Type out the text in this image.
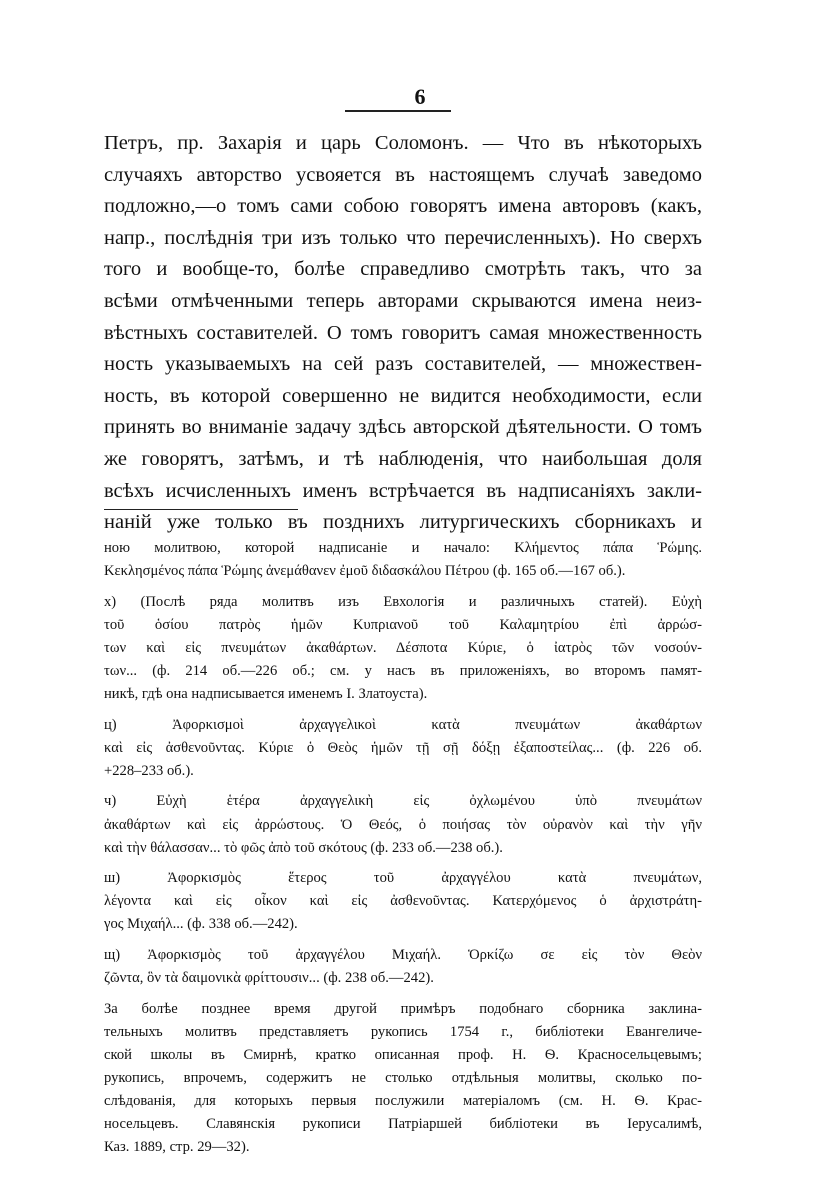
6
Петръ, пр. Захарія и царь Соломонъ. — Что въ нѣкоторыхъ
случаяхъ авторство усвояется въ настоящемъ случаѣ заведомо
подложно,—о томъ сами собою говорятъ имена авторовъ (какъ,
напр., послѣднія три изъ только что перечисленныхъ). Но сверхъ
того и вообще-то, болѣе справедливо смотрѣть такъ, что за
всѣми отмѣченными теперь авторами скрываются имена неиз-
вѣстныхъ составителей. О томъ говоритъ самая множественность
ность указываемыхъ на сей разъ составителей, — множествен-
ность, въ которой совершенно не видится необходимости, если
принять во вниманіе задачу здѣсь авторской дѣятельности. О томъ
же говорятъ, затѣмъ, и тѣ наблюденія, что наибольшая доля
всѣхъ исчисленныхъ именъ встрѣчается въ надписаніяхъ закли-
наній уже только въ позднихъ литургическихъ сборникахъ и
ною молитвою, которой надписаніе и начало: Κλήμεντος πάπα Ῥώμης.
Κεκλησμένος πάπα Ῥώμης ἀνεμάθανεν ἐμοῦ διδασκάλου Πέτρου (ф. 165 об.—167 об.).
х) (Послѣ ряда молитвъ изъ Евхологія и различныхъ статей). Εὐχὴ
τοῦ ὁσίου πατρὸς ἡμῶν Κυπριανοῦ τοῦ Καλαμητρίου ἐπὶ ἀρρώσ-
των καὶ εἰς πνευμάτων ἀκαθάρτων. Δέσποτα Κύριε, ὁ ἰατρὸς τῶν νοσούν-
των... (ф. 214 об.—226 об.; см. у насъ въ приложеніяхъ, во второмъ памят-
никѣ, гдѣ она надписывается именемъ І. Златоуста).
ц) Ἀφορκισμοὶ ἀρχαγγελικοὶ κατὰ πνευμάτων ἀκαθάρτων
καὶ εἰς ἀσθενοῦντας. Κύριε ὁ Θεὸς ἡμῶν τῇ σῇ δόξῃ ἐξαποστείλας... (ф. 226 об.
+228–233 об.).
ч) Εὐχὴ ἑτέρα ἀρχαγγελικὴ εἰς ὀχλωμένου ὑπὸ πνευμάτων
ἀκαθάρτων καὶ εἰς ἀρρώστους. Ὁ Θεός, ὁ ποιήσας τὸν οὐρανὸν καὶ τὴν γῆν
καὶ τὴν θάλασσαν... τὸ φῶς ἀπὸ τοῦ σκότους (ф. 233 об.—238 об.).
ш) Ἀφορκισμὸς ἕτερος τοῦ ἀρχαγγέλου κατὰ πνευμάτων,
λέγοντα καὶ εἰς οἶκον καὶ εἰς ἀσθενοῦντας. Κατερχόμενος ὁ ἀρχιστράτη-
γος Μιχαήλ... (ф. 338 об.—242).
щ) Ἀφορκισμὸς τοῦ ἀρχαγγέλου Μιχαήλ. Ὁρκίζω σε εἰς τὸν Θεὸν
ζῶντα, ὃν τὰ δαιμονικὰ φρίττουσιν... (ф. 238 об.—242).
За болѣе позднее время другой примѣръ подобнаго сборника заклина-
тельныхъ молитвъ представляетъ рукопись 1754 г., библіотеки Евангеличе-
ской школы въ Смирнѣ, кратко описанная проф. Н. Ѳ. Красносельцевымъ;
рукопись, впрочемъ, содержитъ не столько отдѣльныя молитвы, сколько по-
слѣдованія, для которыхъ первыя послужили матеріаломъ (см. Н. Ѳ. Крас-
носельцевъ. Славянскія рукописи Патріаршей библіотеки въ Іерусалимѣ,
Каз. 1889, стр. 29—32).
